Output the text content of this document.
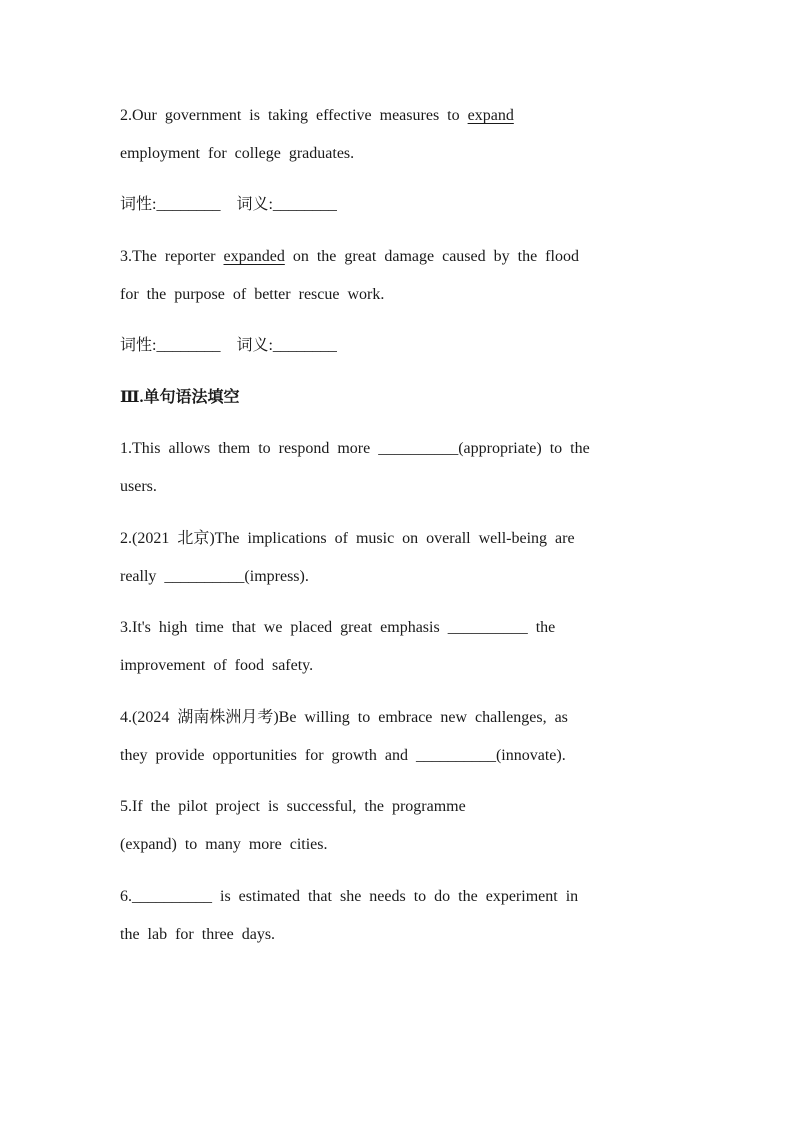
2.Our government is taking effective measures to expand
employment for college graduates.
词性:________ 词义:________
3.The reporter expanded on the great damage caused by the flood
for the purpose of better rescue work.
词性:________ 词义:________
Ⅲ.单句语法填空
1.This allows them to respond more __________(appropriate) to the
users.
2.(2021 北京)The implications of music on overall well-being are
really __________(impress).
3.It's high time that we placed great emphasis __________ the
improvement of food safety.
4.(2024 湖南株洲月考)Be willing to embrace new challenges, as
they provide opportunities for growth and __________(innovate).
5.If the pilot project is successful, the programme
(expand) to many more cities.
6.__________ is estimated that she needs to do the experiment in
the lab for three days.
